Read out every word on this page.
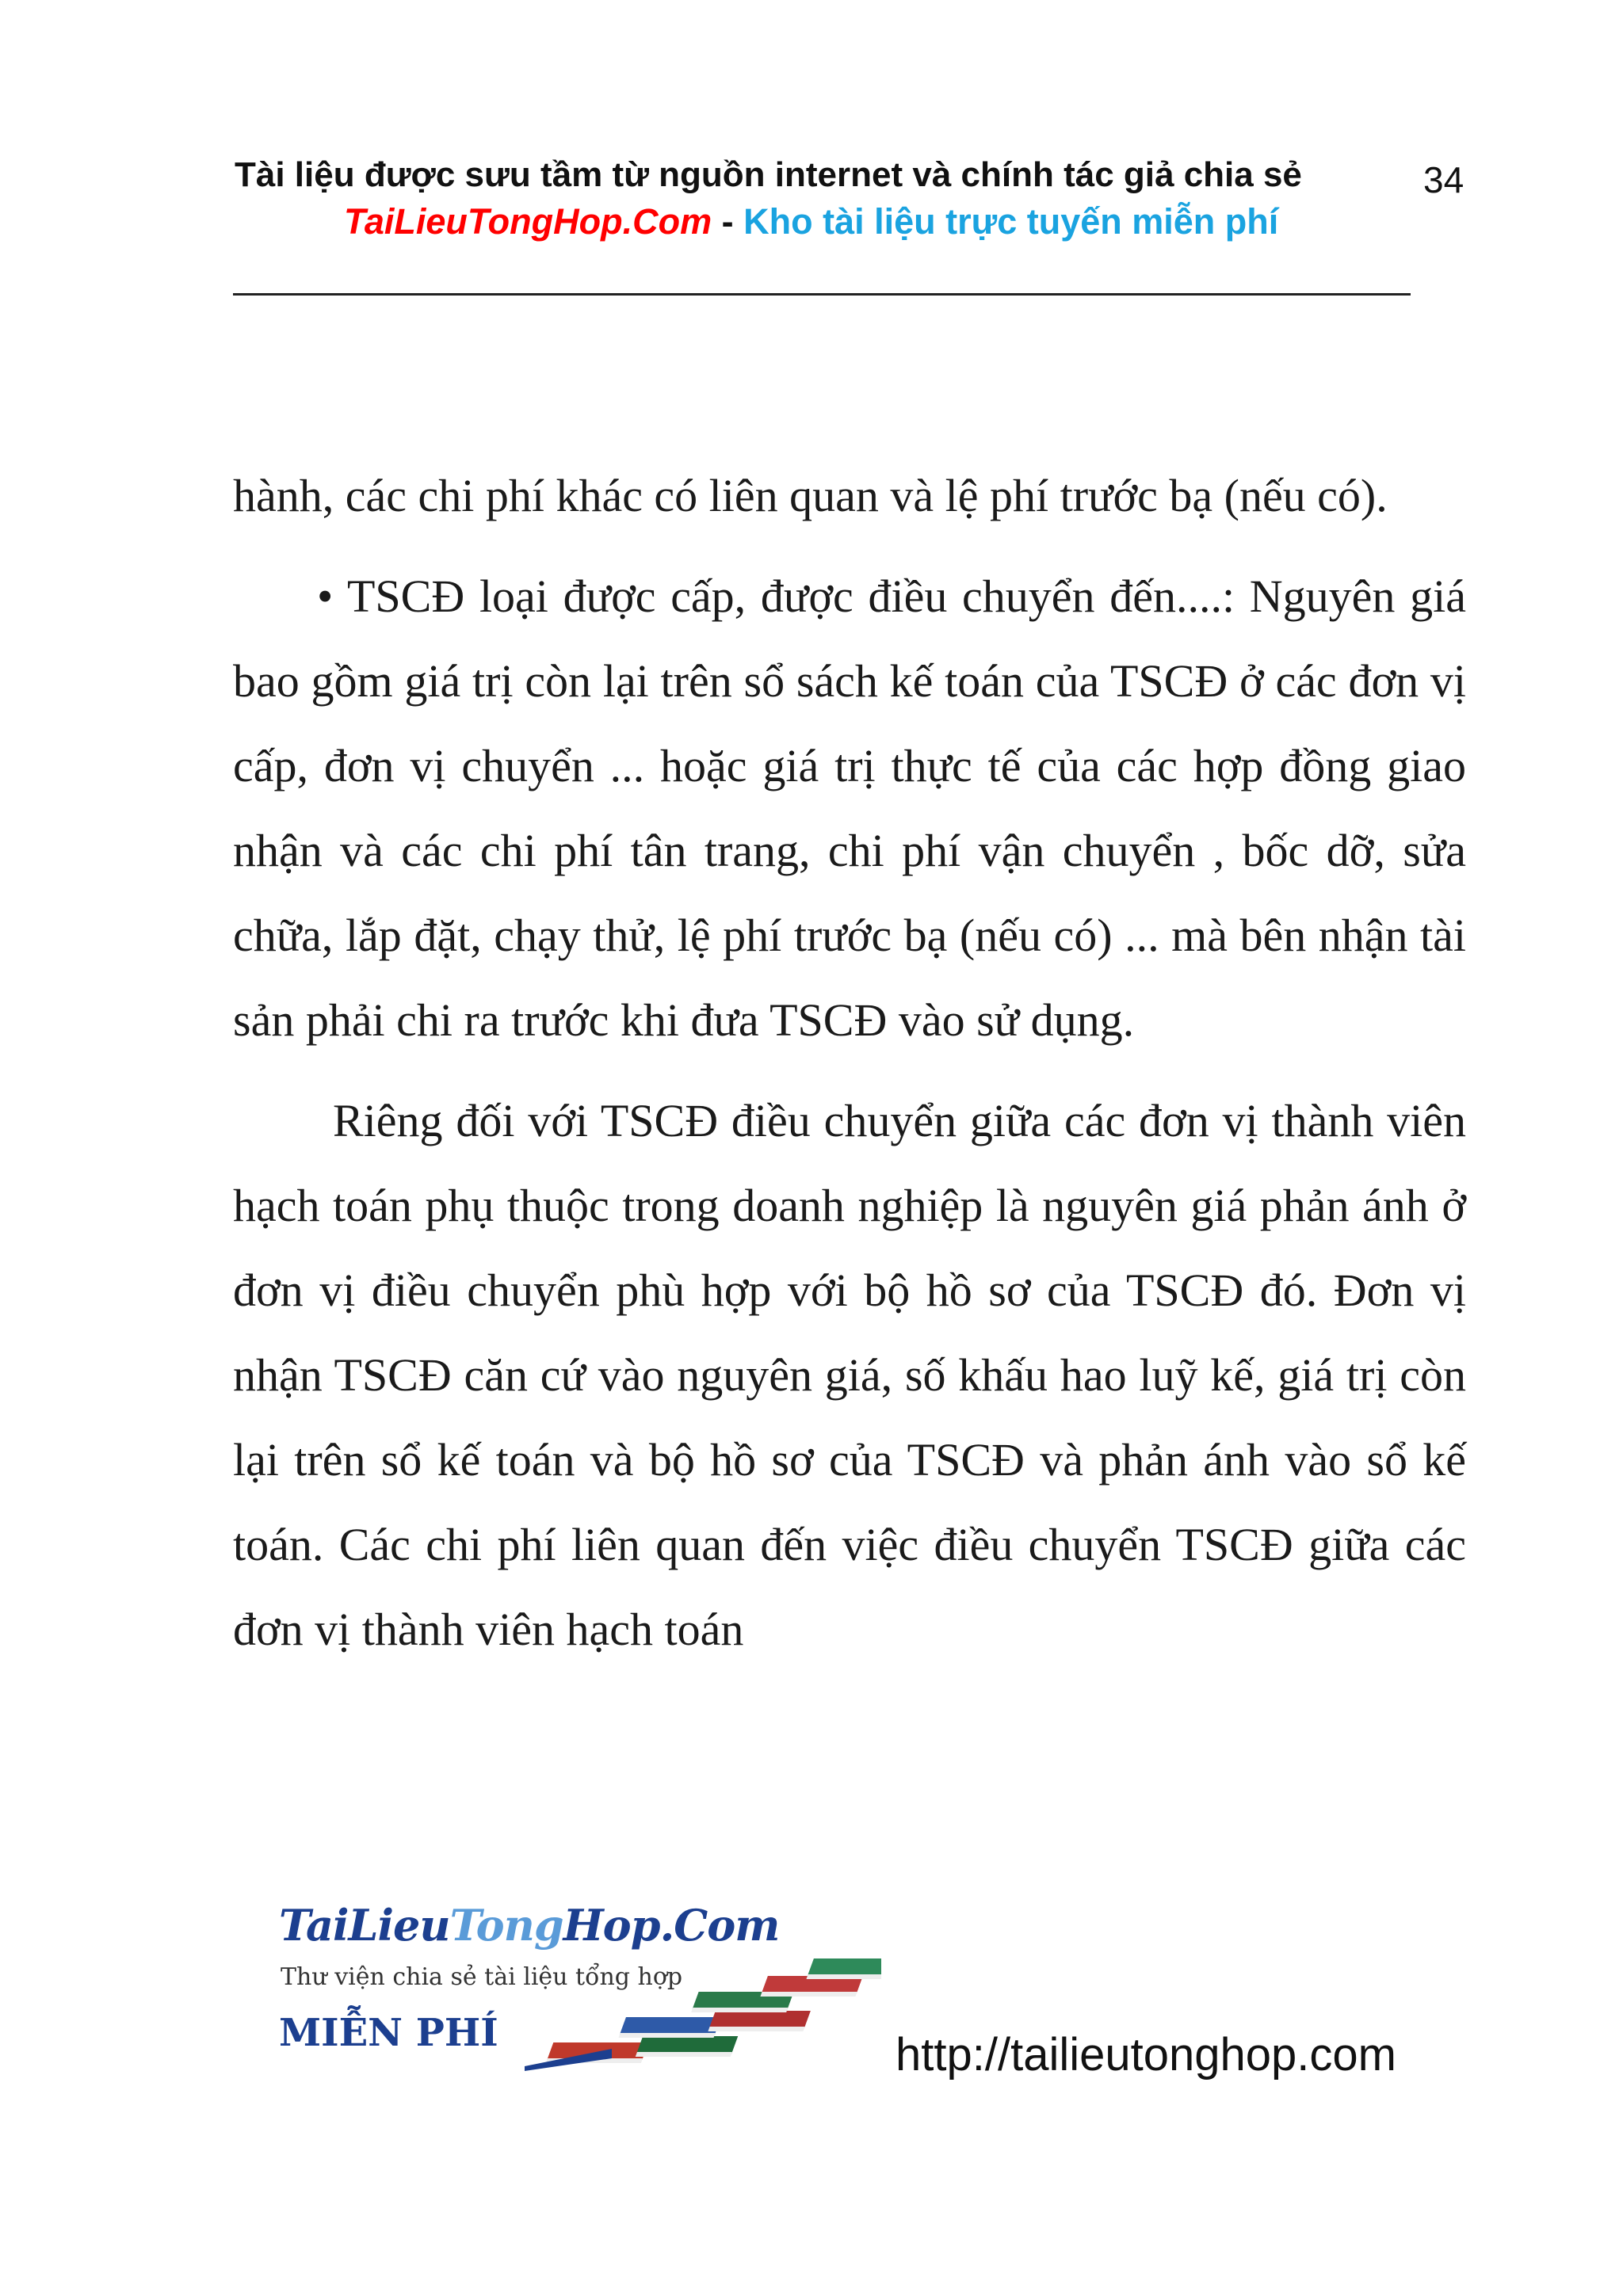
Tài liệu được sưu tầm từ nguồn internet và chính tác giả chia sẻ	34
TaiLieuTongHop.Com - Kho tài liệu trực tuyến miễn phí

hành, các chi phí khác có liên quan và lệ phí trước bạ (nếu có).

• TSCĐ loại được cấp, được điều chuyển đến....: Nguyên giá bao gồm giá trị còn lại trên sổ sách kế toán của TSCĐ ở các đơn vị cấp, đơn vị chuyển ... hoặc giá trị thực tế của các hợp đồng giao nhận và các chi phí tân trang, chi phí vận chuyển , bốc dỡ, sửa chữa, lắp đặt, chạy thử, lệ phí trước bạ (nếu có) ... mà bên nhận tài sản phải chi ra trước khi đưa TSCĐ vào sử dụng.

Riêng đối với TSCĐ điều chuyển giữa các đơn vị thành viên hạch toán phụ thuộc trong doanh nghiệp là nguyên giá phản ánh ở đơn vị điều chuyển phù hợp với bộ hồ sơ của TSCĐ đó. Đơn vị nhận TSCĐ căn cứ vào nguyên giá, số khấu hao luỹ kế, giá trị còn lại trên sổ kế toán và bộ hồ sơ của TSCĐ và phản ánh vào sổ kế toán. Các chi phí liên quan đến việc điều chuyển TSCĐ giữa các đơn vị thành viên hạch toán

TaiLieuTongHop.Com
Thư viện chia sẻ tài liệu tổng hợp
MIỄN PHÍ	http://tailieutonghop.com
